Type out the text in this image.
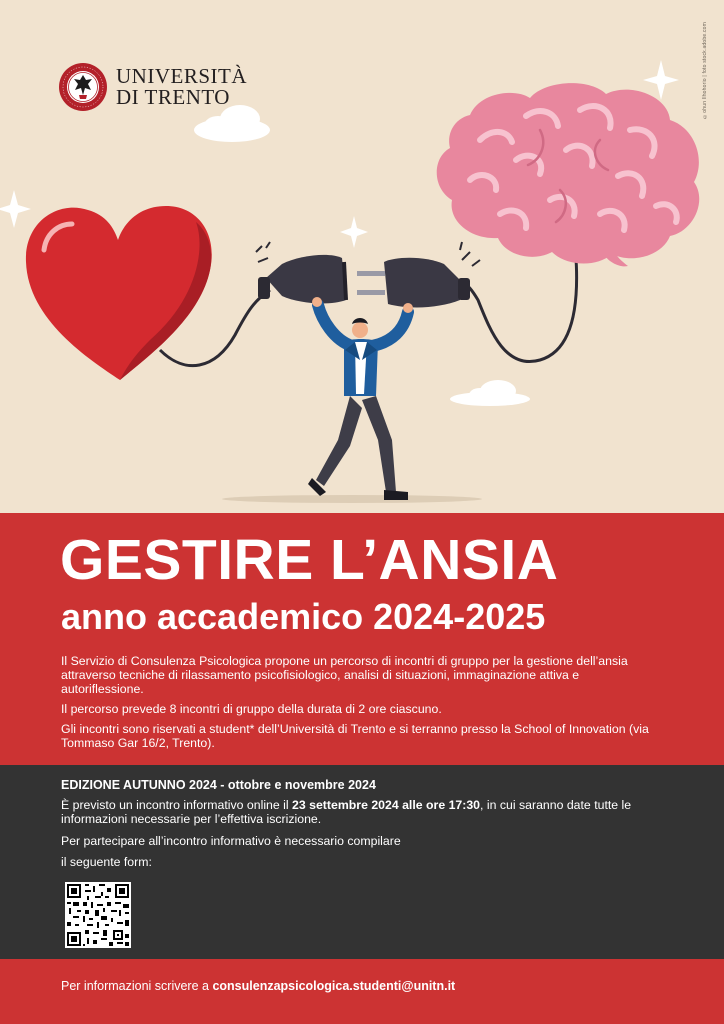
UNIVERSITÀ
DI TRENTO	©ohun Ilhohorio | foto stock.adobe.com
GESTIRE L’ANSIA
anno accademico 2024-2025

Il Servizio di Consulenza Psicologica propone un percorso di incontri di gruppo per la gestione dell’ansia attraverso tecniche di rilassamento psicofisiologico, analisi di situazioni, immaginazione attiva e autoriflessione.

Il percorso prevede 8 incontri di gruppo della durata di 2 ore ciascuno.

Gli incontri sono riservati a student* dell’Università di Trento e si terranno presso la School of Innovation (via Tommaso Gar 16/2, Trento).

EDIZIONE AUTUNNO 2024 - ottobre e novembre 2024

È previsto un incontro informativo online il 23 settembre 2024 alle ore 17:30, in cui saranno date tutte le informazioni necessarie per l’effettiva iscrizione.

Per partecipare all’incontro informativo è necessario compilare

il seguente form:

Per informazioni scrivere a consulenzapsicologica.studenti@unitn.it
